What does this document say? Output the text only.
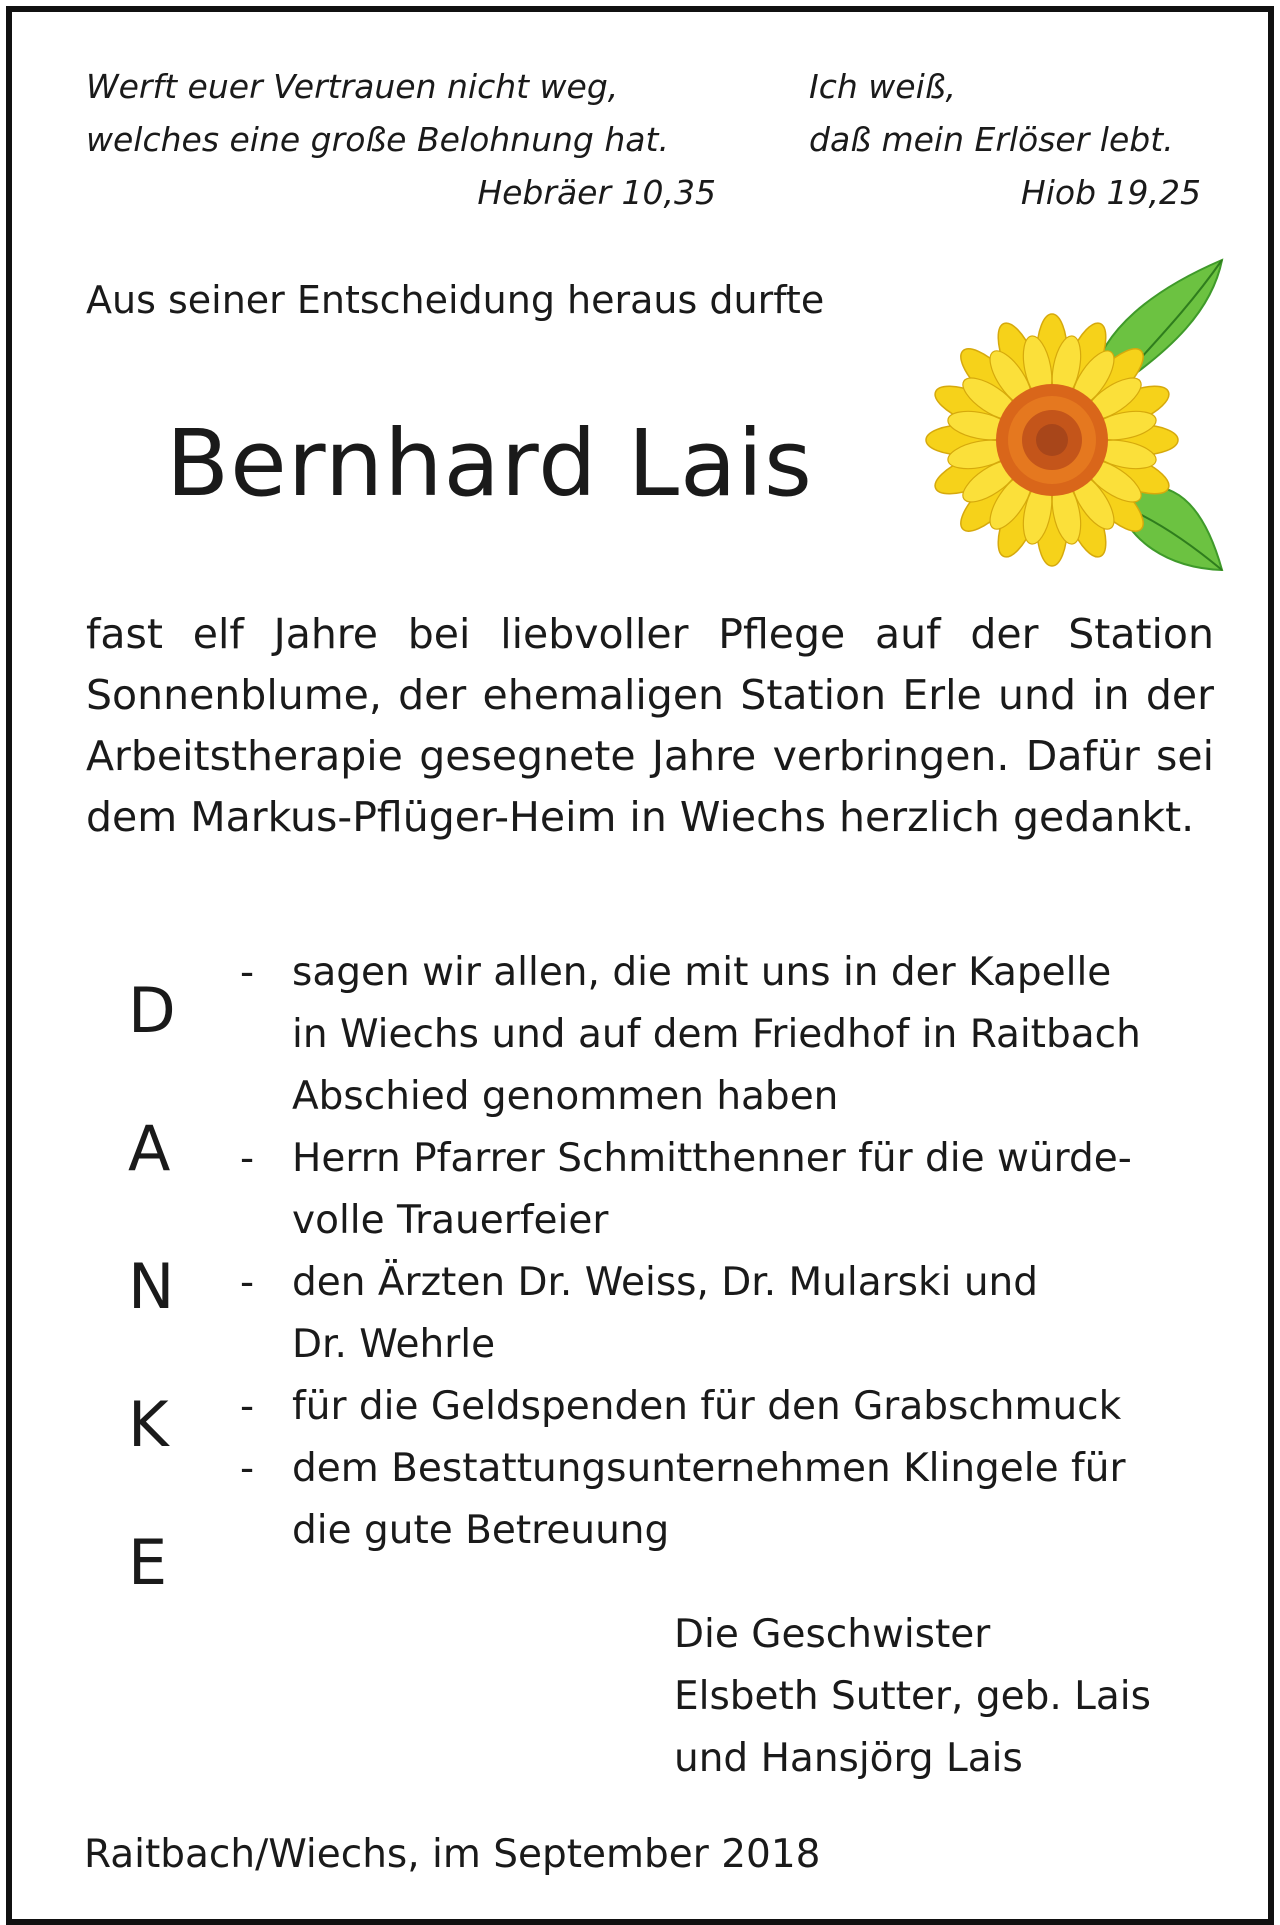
Werft euer Vertrauen nicht weg,
welches eine große Belohnung hat.
Hebräer 10,35
Ich weiß,
daß mein Erlöser lebt.
Hiob 19,25
Aus seiner Entscheidung heraus durfte
Bernhard Lais

fast elf Jahre bei liebvoller Pflege auf der Station Sonnenblume, der ehemaligen Station Erle und in der Arbeitstherapie gesegnete Jahre verbringen. Dafür sei dem Markus-Pflüger-Heim in Wiechs herzlich gedankt.

D
A
N
K
E
- sagen wir allen, die mit uns in der Kapelle
in Wiechs und auf dem Friedhof in Raitbach
Abschied genommen haben
- Herrn Pfarrer Schmitthenner für die würde-
volle Trauerfeier
- den Ärzten Dr. Weiss, Dr. Mularski und
Dr. Wehrle
- für die Geldspenden für den Grabschmuck
- dem Bestattungsunternehmen Klingele für
die gute Betreuung
Die Geschwister
Elsbeth Sutter, geb. Lais
und Hansjörg Lais
Raitbach/Wiechs, im September 2018
